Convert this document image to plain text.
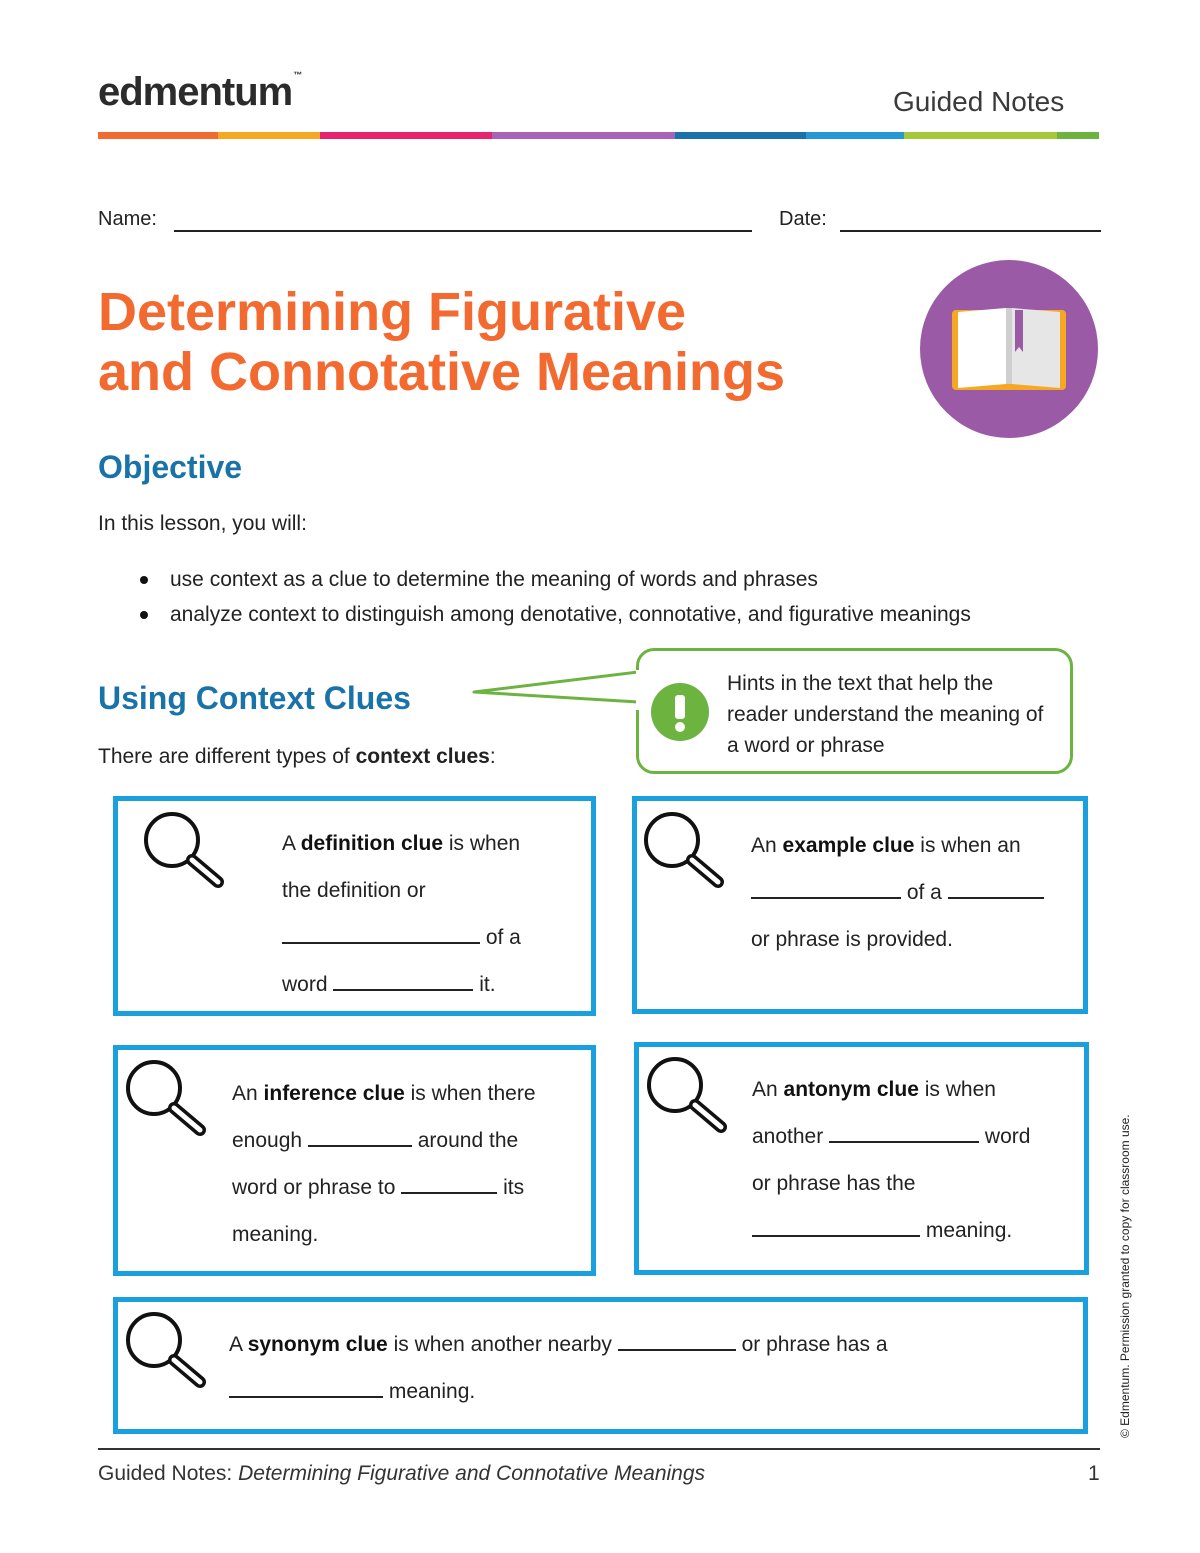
edmentum™
Guided Notes
Name:	Date:
Determining Figurative
and Connotative Meanings
Objective
In this lesson, you will:
use context as a clue to determine the meaning of words and phrases
analyze context to distinguish among denotative, connotative, and figurative meanings
Using Context Clues
There are different types of context clues:
Hints in the text that help the reader understand the meaning of a word or phrase
A definition clue is when
the definition or
of a
word	it.
An example clue is when an
of a
or phrase is provided.
An inference clue is when there
enough	around the
word or phrase to	its
meaning.
An antonym clue is when
another	word
or phrase has the
meaning.
A synonym clue is when another nearby	or phrase has a
meaning.	© Edmentum. Permission granted to copy for classroom use.
Guided Notes: Determining Figurative and Connotative Meanings	1
